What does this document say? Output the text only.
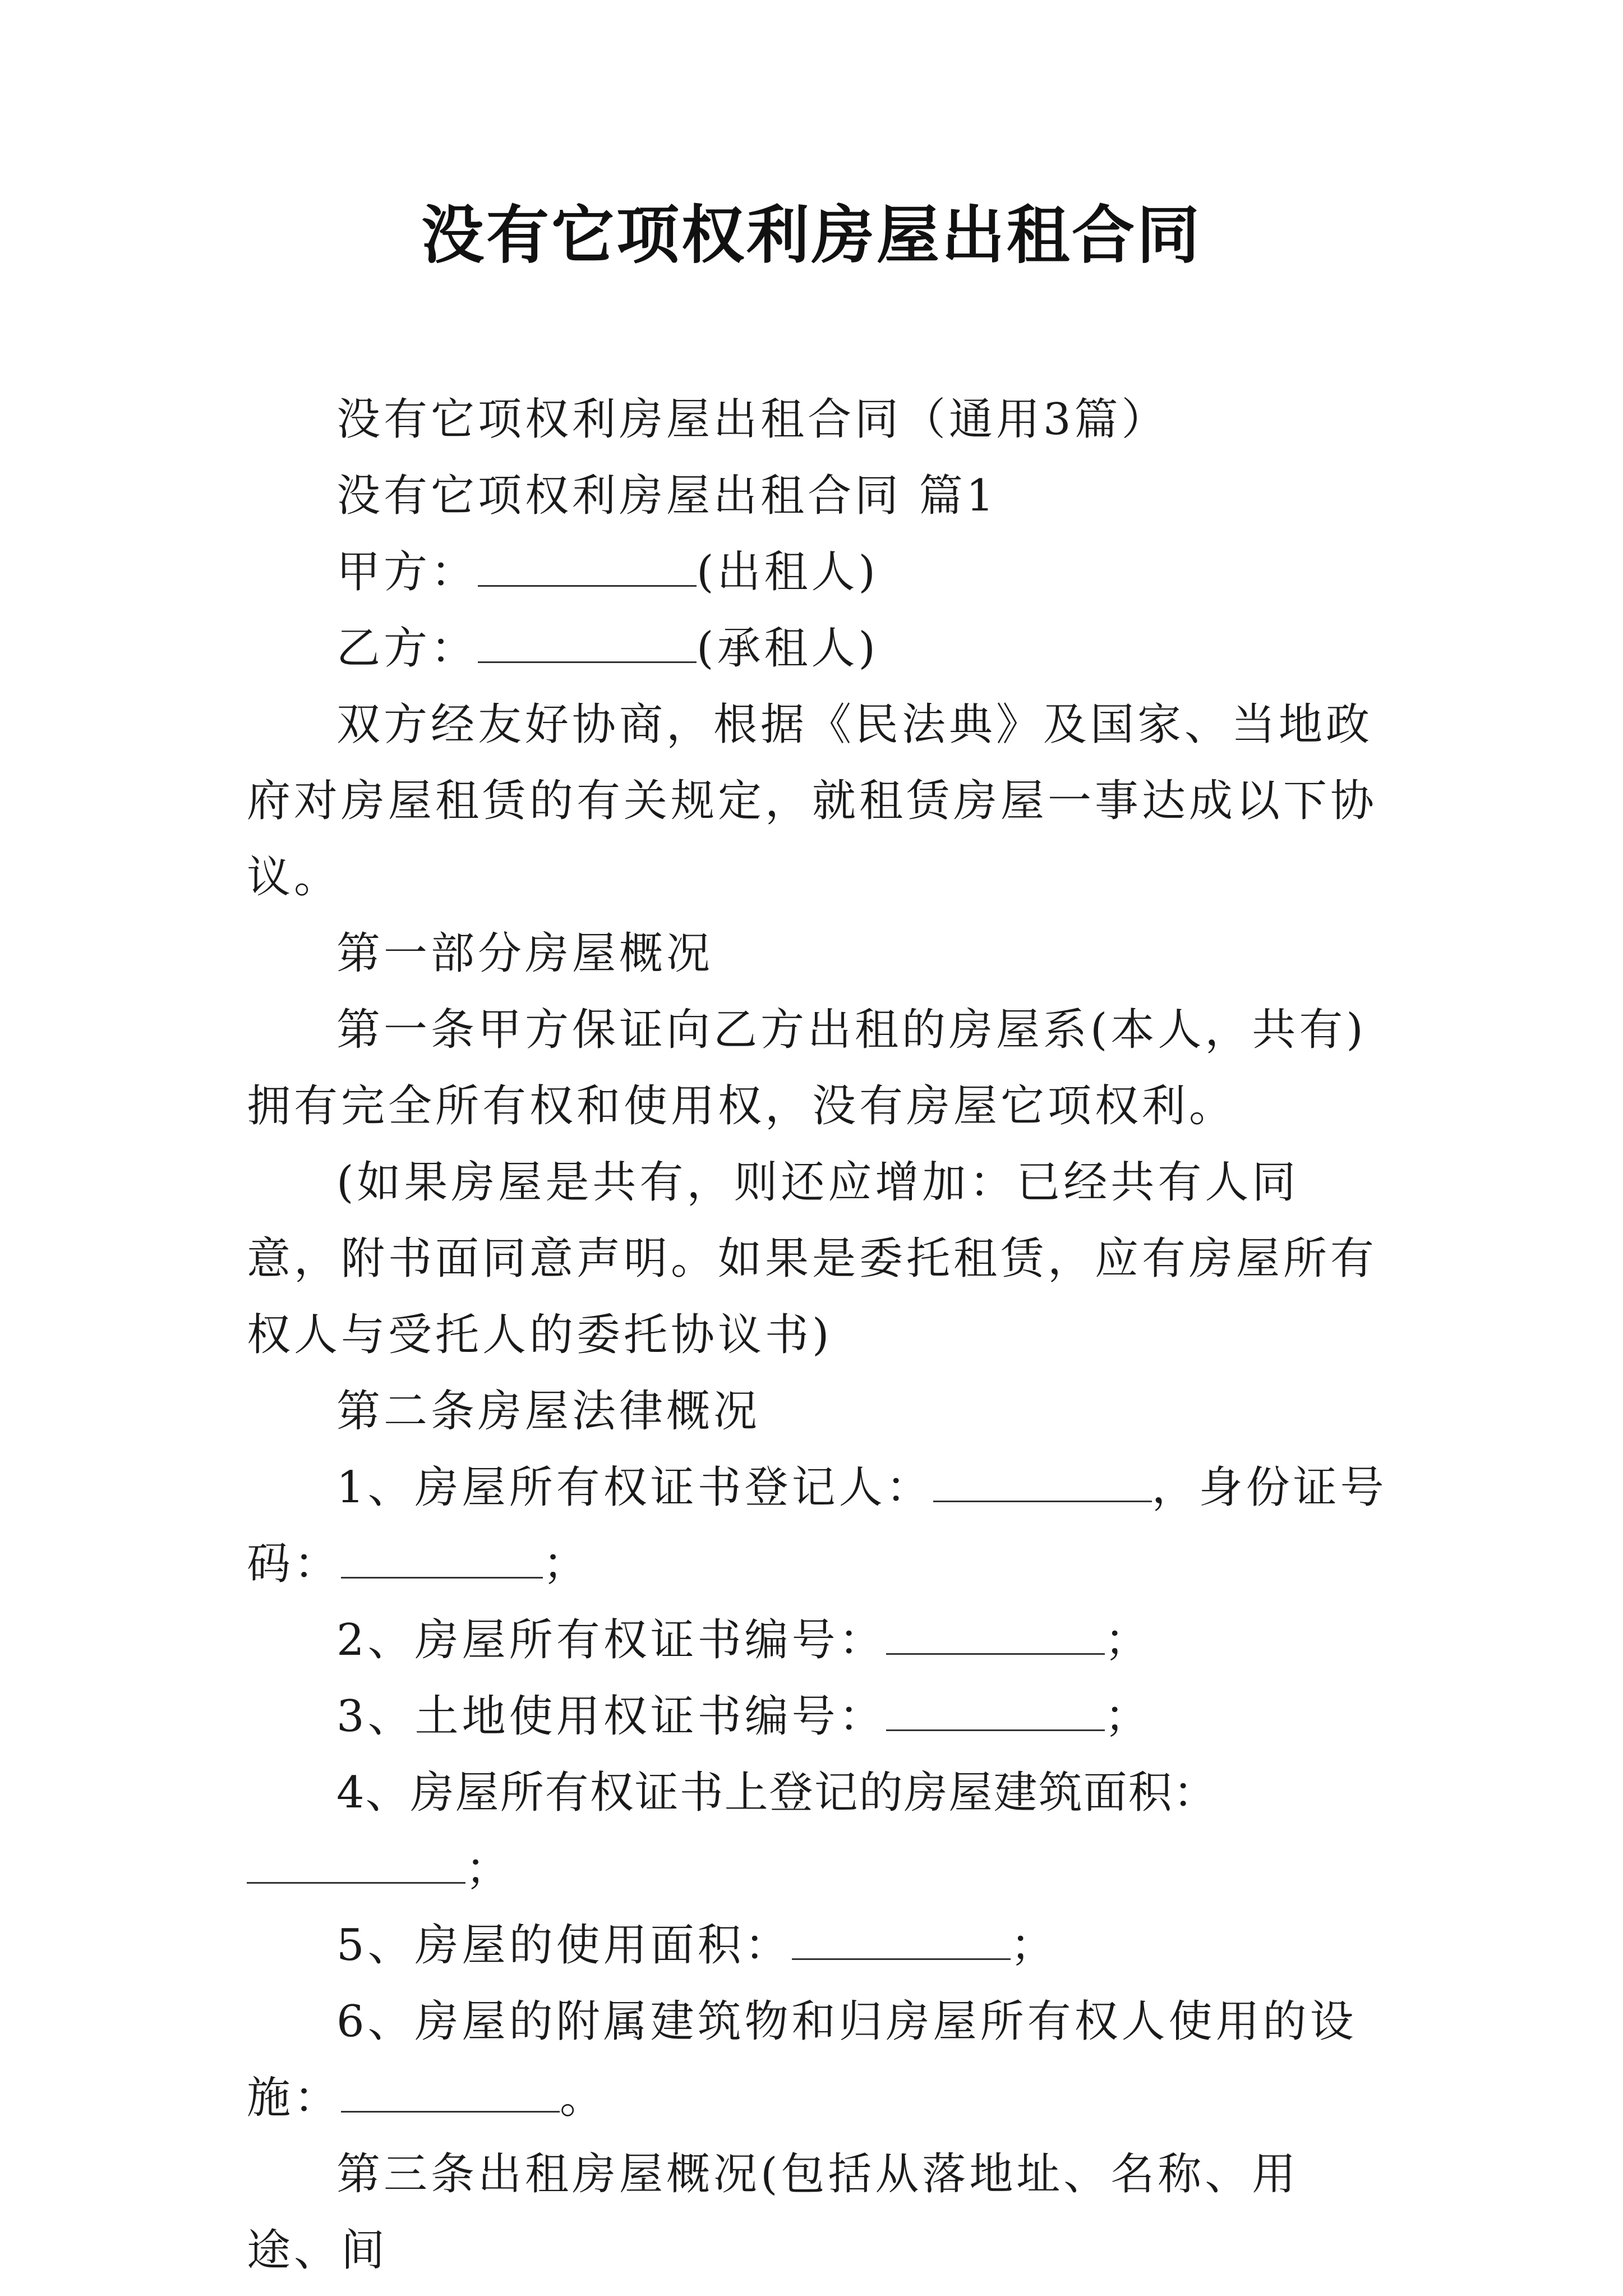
没有它项权利房屋出租合同

没有它项权利房屋出租合同（通用3篇）

没有它项权利房屋出租合同 篇1

甲方：	(出租人)

乙方：	(承租人)

双方经友好协商，根据《民法典》及国家、当地政府对房屋租赁的有关规定，就租赁房屋一事达成以下协议。

第一部分房屋概况

第一条甲方保证向乙方出租的房屋系(本人，共有)拥有完全所有权和使用权，没有房屋它项权利。

(如果房屋是共有，则还应增加：已经共有人同意，附书面同意声明。如果是委托租赁，应有房屋所有权人与受托人的委托协议书)

第二条房屋法律概况

1、房屋所有权证书登记人：	，身份证号码：	；

2、房屋所有权证书编号：	；

3、土地使用权证书编号：	；

4、房屋所有权证书上登记的房屋建筑面积：；

5、房屋的使用面积：	；

6、房屋的附属建筑物和归房屋所有权人使用的设施：	。

第三条出租房屋概况(包括从落地址、名称、用途、间
